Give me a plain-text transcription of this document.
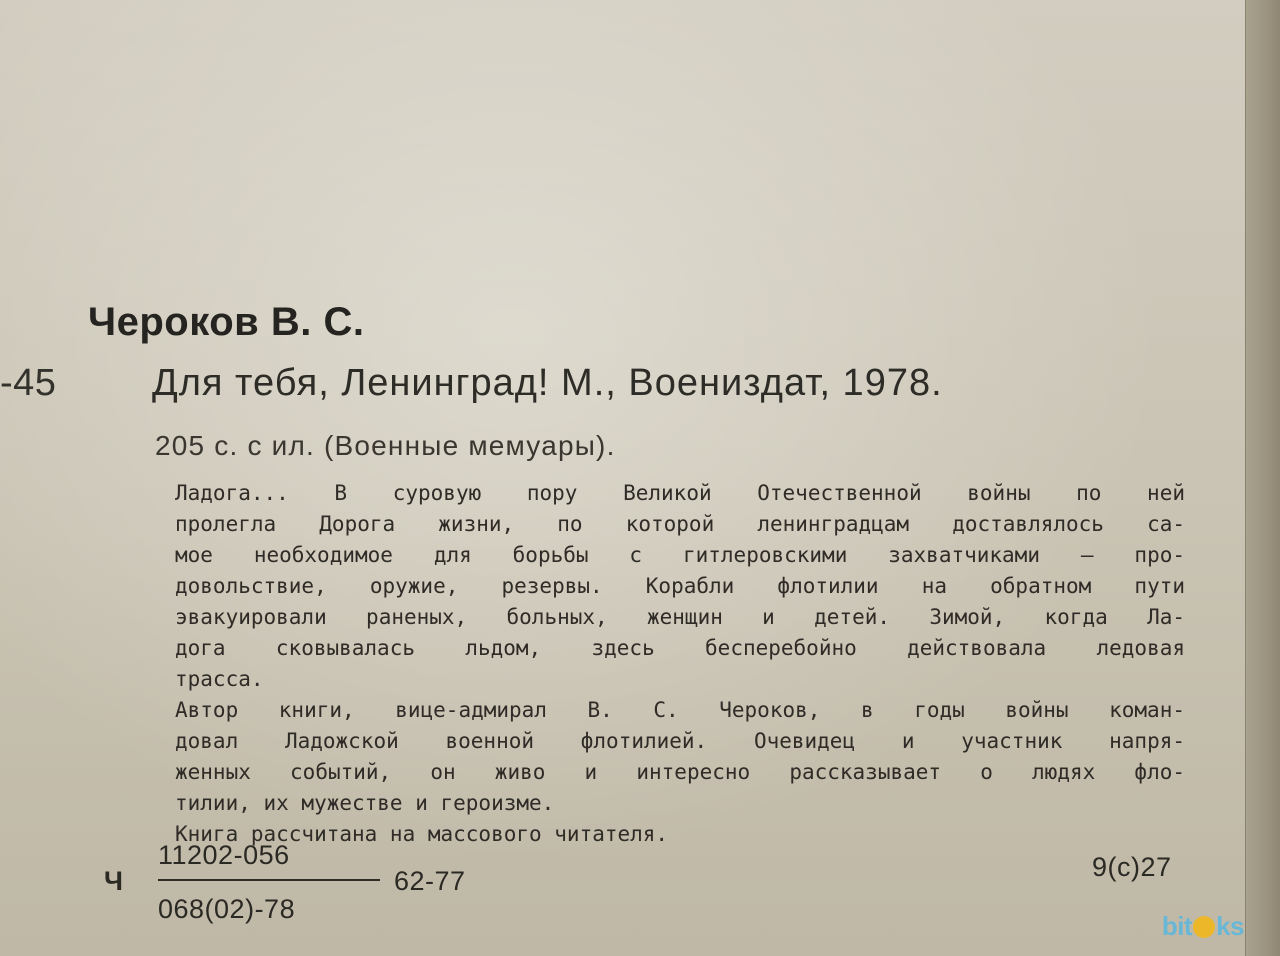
Чероков В. С.
-45	Для тебя, Ленинград! М., Воениздат, 1978.
205 с. с ил. (Военные мемуары).
Ладога... В суровую пору Великой Отечественной войны по ней
пролегла Дорога жизни, по которой ленинградцам доставлялось са-
мое необходимое для борьбы с гитлеровскими захватчиками — про-
довольствие, оружие, резервы. Корабли флотилии на обратном пути
эвакуировали раненых, больных, женщин и детей. Зимой, когда Ла-
дога сковывалась льдом, здесь бесперебойно действовала ледовая
трасса.
Автор книги, вице-адмирал В. С. Чероков, в годы войны коман-
довал Ладожской военной флотилией. Очевидец и участник напря-
женных событий, он живо и интересно рассказывает о людях фло-
тилии, их мужестве и героизме.
Книга рассчитана на массового читателя.
Ч
11202-056
068(02)-78
62-77	9(с)27
bit ks
